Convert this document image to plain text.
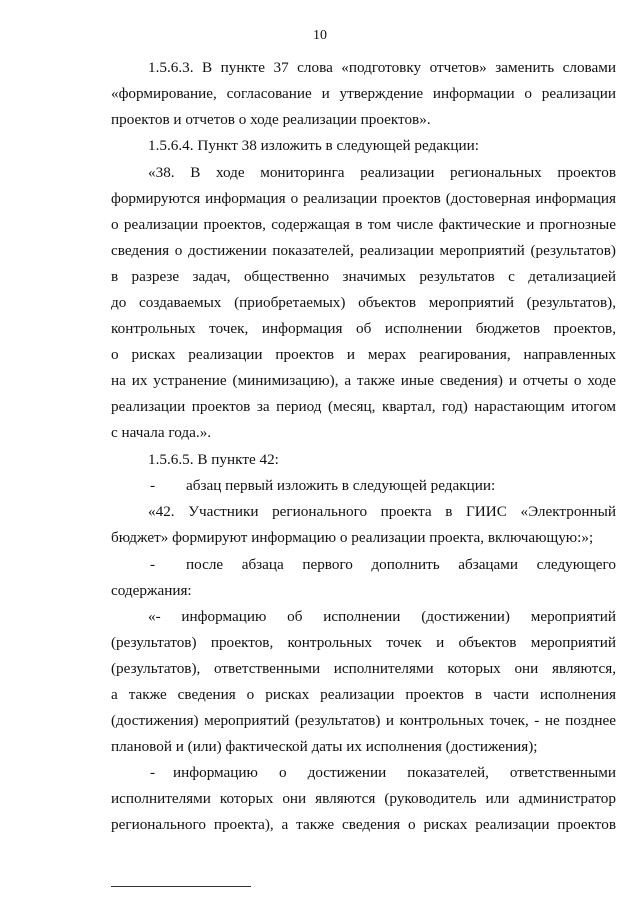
10
1.5.6.3. В пункте 37 слова «подготовку отчетов» заменить словами
«формирование, согласование и утверждение информации о реализации
проектов и отчетов о ходе реализации проектов».
1.5.6.4. Пункт 38 изложить в следующей редакции:
«38. В ходе мониторинга реализации региональных проектов
формируются информация о реализации проектов (достоверная информация
о реализации проектов, содержащая в том числе фактические и прогнозные
сведения о достижении показателей, реализации мероприятий (результатов)
в разрезе задач, общественно значимых результатов с детализацией
до создаваемых (приобретаемых) объектов мероприятий (результатов),
контрольных точек, информация об исполнении бюджетов проектов,
о рисках реализации проектов и мерах реагирования, направленных
на их устранение (минимизацию), а также иные сведения) и отчеты о ходе
реализации проектов за период (месяц, квартал, год) нарастающим итогом
с начала года.».
1.5.6.5. В пункте 42:
-	абзац первый изложить в следующей редакции:
«42. Участники регионального проекта в ГИИС «Электронный
бюджет» формируют информацию о реализации проекта, включающую:»;
-	после абзаца первого дополнить абзацами следующего
содержания:
«- информацию об исполнении (достижении) мероприятий
(результатов) проектов, контрольных точек и объектов мероприятий
(результатов), ответственными исполнителями которых они являются,
а также сведения о рисках реализации проектов в части исполнения
(достижения) мероприятий (результатов) и контрольных точек, - не позднее
плановой и (или) фактической даты их исполнения (достижения);
-	информацию о достижении показателей, ответственными
исполнителями которых они являются (руководитель или администратор
регионального проекта), а также сведения о рисках реализации проектов
